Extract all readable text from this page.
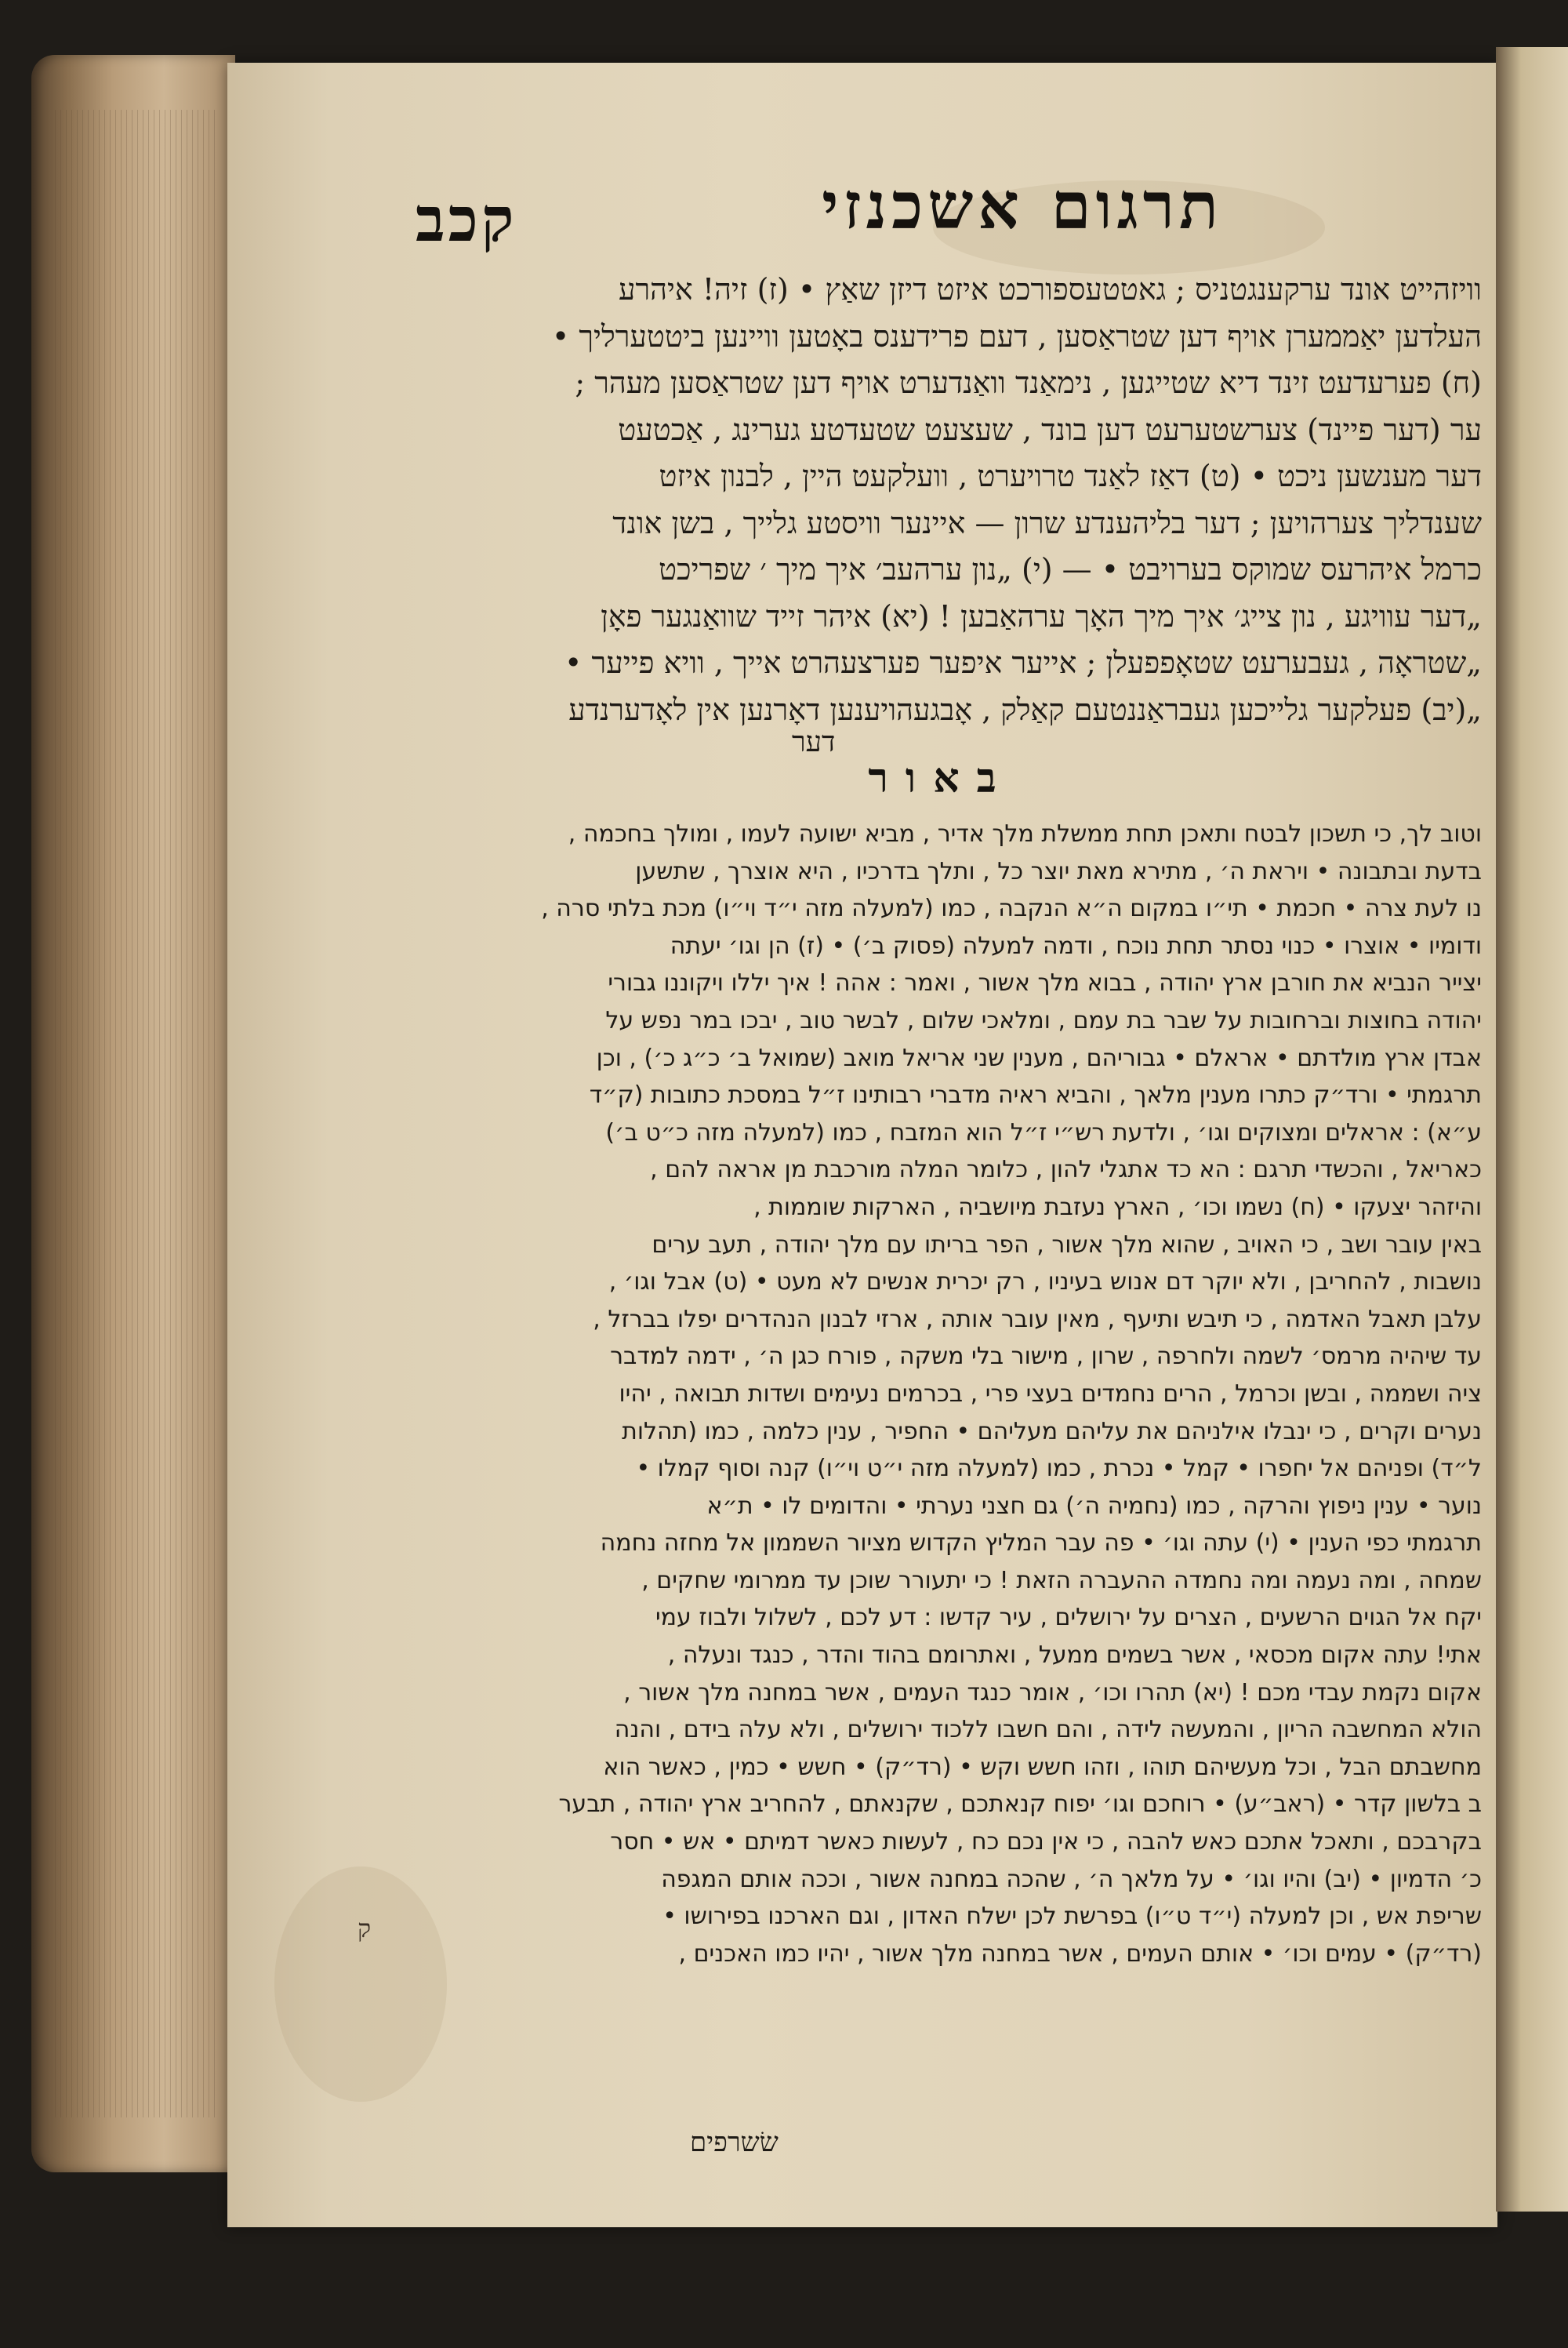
תרגום אשכנזי
קכב
וויזהייט אונד ערקענגטניס ; גאטטעספורכט איזט דיזן שאַץ • (ז) זיה! איהרע
העלדען יאַממערן אויף דען שטראַסען , דעם פרידענס באָטען וויינען ביטטערליך •
(ח) פערעדעט זינד דיא שטייגען , נימאַנד וואַנדערט אויף דען שטראַסען מעהר ;
ער (דער פיינד) צערשטערעט דען בונד , שעצעט שטעדטע גערינג , אַכטעט
דער מענשען ניכט • (ט) דאַז לאַנד טרויערט , וועלקעט היין , לבנון איזט
שענדליך צערהויען ; דער בליהענדע שרון — איינער וויסטע גלייך , בשן אונד
כרמל איהרעס שמוקס בערויבט • — (י) „נון ערהעב׳ איך מיך ׳ שפריכט
„דער עוויגע , נון צייג׳ איך מיך האָך ערהאַבען ! (יא) איהר זייד שוואַנגער פאָן
„שטראָה , געבערעט שטאָפפעלן ; אייער איפער פערצעהרט אייך , וויא פייער •
„(יב) פעלקער גלייכען געבראַננטעם קאַלק , אָבגעהויענען דאָרנען אין לאָדערנדע
דער
באור
וטוב לך, כי תשכון לבטח ותאכן תחת ממשלת מלך אדיר , מביא ישועה לעמו , ומולך בחכמה ,
בדעת ובתבונה • ויראת ה׳ , מתירא מאת יוצר כל , ותלך בדרכיו , היא אוצרך , שתשען
נו לעת צרה • חכמת • תי״ו במקום ה״א הנקבה , כמו (למעלה מזה י״ד וי״ו) מכת בלתי סרה ,
ודומיו • אוצרו • כנוי נסתר תחת נוכח , ודמה למעלה (פסוק ב׳) • (ז) הן וגו׳ יעתה
יצייר הנביא את חורבן ארץ יהודה , בבוא מלך אשור , ואמר : אהה ! איך יללו ויקוננו גבורי
יהודה בחוצות וברחובות על שבר בת עמם , ומלאכי שלום , לבשר טוב , יבכו במר נפש על
אבדן ארץ מולדתם • אראלם • גבוריהם , מענין שני אריאל מואב (שמואל ב׳ כ״ג כ׳) , וכן
תרגמתי • ורד״ק כתרו מענין מלאך , והביא ראיה מדברי רבותינו ז״ל במסכת כתובות (ק״ד
ע״א) : אראלים ומצוקים וגו׳ , ולדעת רש״י ז״ל הוא המזבח , כמו (למעלה מזה כ״ט ב׳)
כאריאל , והכשדי תרגם : הא כד אתגלי להון , כלומר המלה מורכבת מן אראה להם ,
והיזהר יצעקו • (ח) נשמו וכו׳ , הארץ נעזבת מיושביה , הארקות שוממות ,
באין עובר ושב , כי האויב , שהוא מלך אשור , הפר בריתו עם מלך יהודה , תעב ערים
נושבות , להחריבן , ולא יוקר דם אנוש בעיניו , רק יכרית אנשים לא מעט • (ט) אבל וגו׳ ,
עלבן תאבל האדמה , כי תיבש ותיעף , מאין עובר אותה , ארזי לבנון הנהדרים יפלו בברזל ,
עד שיהיה מרמס׳ לשמה ולחרפה , שרון , מישור בלי משקה , פורח כגן ה׳ , ידמה למדבר
ציה ושממה , ובשן וכרמל , הרים נחמדים בעצי פרי , בכרמים נעימים ושדות תבואה , יהיו
נערים וקרים , כי ינבלו אילניהם את עליהם מעליהם • החפיר , ענין כלמה , כמו (תהלות
ל״ד) ופניהם אל יחפרו • קמל • נכרת , כמו (למעלה מזה י״ט וי״ו) קנה וסוף קמלו •
נוער • ענין ניפוץ והרקה , כמו (נחמיה ה׳) גם חצני נערתי • והדומים לו • ת״א
תרגמתי כפי הענין • (י) עתה וגו׳ • פה עבר המליץ הקדוש מציור השממון אל מחזה נחמה
שמחה , ומה נעמה ומה נחמדה ההעברה הזאת ! כי יתעורר שוכן עד ממרומי שחקים ,
יקח אל הגוים הרשעים , הצרים על ירושלים , עיר קדשו : דע לכם , לשלול ולבוז עמי
אתי! עתה אקום מכסאי , אשר בשמים ממעל , ואתרומם בהוד והדר , כנגד ונעלה ,
אקום נקמת עבדי מכם ! (יא) תהרו וכו׳ , אומר כנגד העמים , אשר במחנה מלך אשור ,
הולא המחשבה הריון , והמעשה לידה , והם חשבו ללכוד ירושלים , ולא עלה בידם , והנה
מחשבתם הבל , וכל מעשיהם תוהו , וזהו חשש וקש • (רד״ק) • חשש • כמין , כאשר הוא
ב בלשון קדר • (ראב״ע) • רוחכם וגו׳ יפוח קנאתכם , שקנאתם , להחריב ארץ יהודה , תבער
בקרבכם , ותאכל אתכם כאש להבה , כי אין נכם כח , לעשות כאשר דמיתם • אש • חסר
כ׳ הדמיון • (יב) והיו וגו׳ • על מלאך ה׳ , שהכה במחנה אשור , וככה אותם המגפה
שריפת אש , וכן למעלה (י״ד ט״ו) בפרשת לכן ישלח האדון , וגם הארכנו בפירושו •
(רד״ק) • עמים וכו׳ • אותם העמים , אשר במחנה מלך אשור , יהיו כמו האכנים ,
ק
שׂשרפים
